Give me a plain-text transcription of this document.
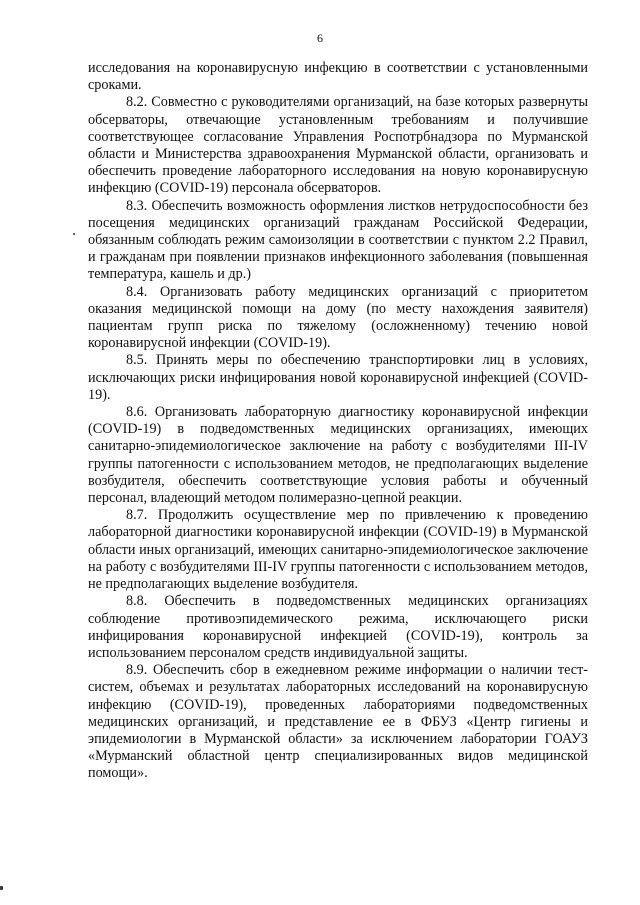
6

исследования на коронавирусную инфекцию в соответствии с установленными сроками.

8.2. Совместно с руководителями организаций, на базе которых развернуты обсерваторы, отвечающие установленным требованиям и получившие соответствующее согласование Управления Роспотрбнадзора по Мурманской области и Министерства здравоохранения Мурманской области, организовать и обеспечить проведение лабораторного исследования на новую коронавирусную инфекцию (COVID-19) персонала обсерваторов.

8.3. Обеспечить возможность оформления листков нетрудоспособности без посещения медицинских организаций гражданам Российской Федерации, обязанным соблюдать режим самоизоляции в соответствии с пунктом 2.2 Правил, и гражданам при появлении признаков инфекционного заболевания (повышенная температура, кашель и др.)

8.4. Организовать работу медицинских организаций с приоритетом оказания медицинской помощи на дому (по месту нахождения заявителя) пациентам групп риска по тяжелому (осложненному) течению новой коронавирусной инфекции (COVID-19).

8.5. Принять меры по обеспечению транспортировки лиц в условиях, исключающих риски инфицирования новой коронавирусной инфекцией (COVID-19).

8.6. Организовать лабораторную диагностику коронавирусной инфекции (COVID-19) в подведомственных медицинских организациях, имеющих санитарно-эпидемиологическое заключение на работу с возбудителями III-IV группы патогенности с использованием методов, не предполагающих выделение возбудителя, обеспечить соответствующие условия работы и обученный персонал, владеющий методом полимеразно-цепной реакции.

8.7. Продолжить осуществление мер по привлечению к проведению лабораторной диагностики коронавирусной инфекции (COVID-19) в Мурманской области иных организаций, имеющих санитарно-эпидемиологическое заключение на работу с возбудителями III-IV группы патогенности с использованием методов, не предполагающих выделение возбудителя.

8.8. Обеспечить в подведомственных медицинских организациях соблюдение противоэпидемического режима, исключающего риски инфицирования коронавирусной инфекцией (COVID-19), контроль за использованием персоналом средств индивидуальной защиты.

8.9. Обеспечить сбор в ежедневном режиме информации о наличии тест-систем, объемах и результатах лабораторных исследований на коронавирусную инфекцию (COVID-19), проведенных лабораториями подведомственных медицинских организаций, и представление ее в ФБУЗ «Центр гигиены и эпидемиологии в Мурманской области» за исключением лаборатории ГОАУЗ «Мурманский областной центр специализированных видов медицинской помощи».
